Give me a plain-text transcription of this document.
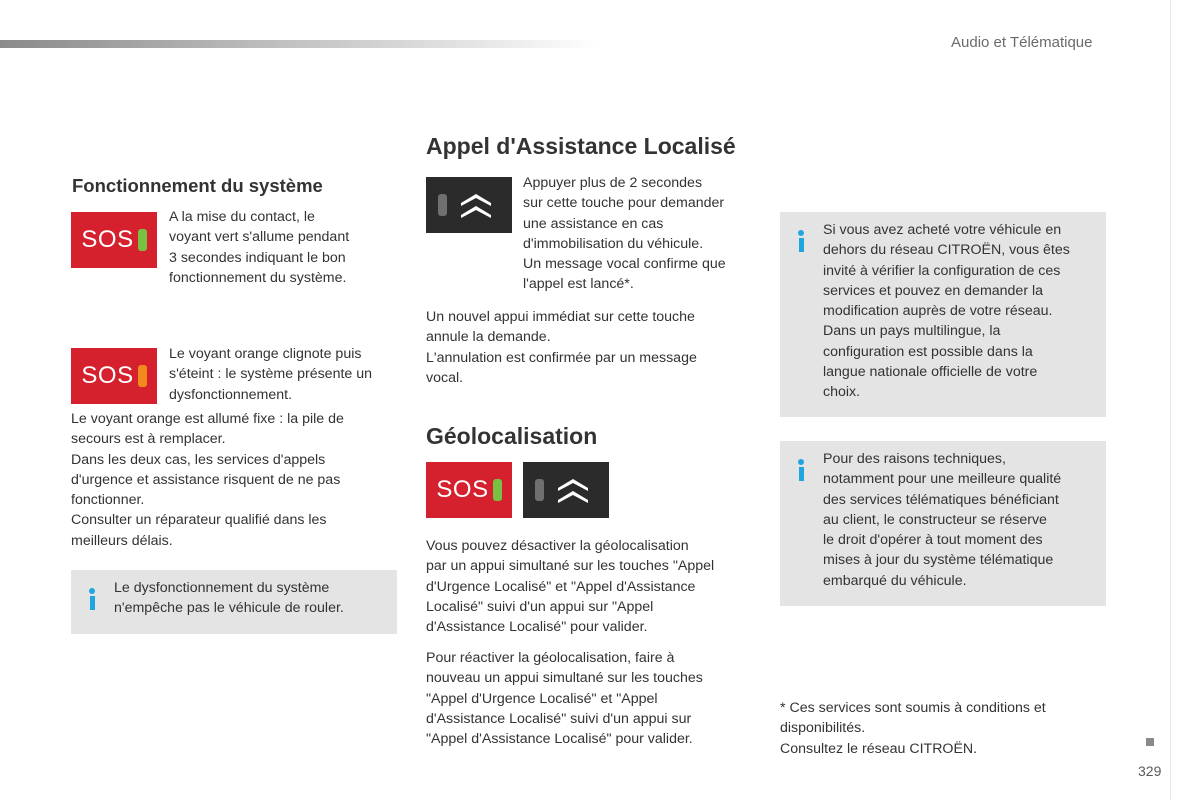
Audio et Télématique
Fonctionnement du système
SOS
A la mise du contact, le
voyant vert s'allume pendant
3 secondes indiquant le bon
fonctionnement du système.
SOS
Le voyant orange clignote puis
s'éteint : le système présente un
dysfonctionnement.
Le voyant orange est allumé fixe : la pile de
secours est à remplacer.
Dans les deux cas, les services d'appels
d'urgence et assistance risquent de ne pas
fonctionner.
Consulter un réparateur qualifié dans les
meilleurs délais.
Le dysfonctionnement du système
n'empêche pas le véhicule de rouler.
Appel d'Assistance Localisé
Appuyer plus de 2 secondes
sur cette touche pour demander
une assistance en cas
d'immobilisation du véhicule.
Un message vocal confirme que
l'appel est lancé*.
Un nouvel appui immédiat sur cette touche
annule la demande.
L'annulation est confirmée par un message
vocal.
Géolocalisation
SOS
Vous pouvez désactiver la géolocalisation
par un appui simultané sur les touches "Appel
d'Urgence Localisé" et "Appel d'Assistance
Localisé" suivi d'un appui sur "Appel
d'Assistance Localisé" pour valider.
Pour réactiver la géolocalisation, faire à
nouveau un appui simultané sur les touches
"Appel d'Urgence Localisé" et "Appel
d'Assistance Localisé" suivi d'un appui sur
"Appel d'Assistance Localisé" pour valider.
Si vous avez acheté votre véhicule en
dehors du réseau CITROËN, vous êtes
invité à vérifier la configuration de ces
services et pouvez en demander la
modification auprès de votre réseau.
Dans un pays multilingue, la
configuration est possible dans la
langue nationale officielle de votre
choix.
Pour des raisons techniques,
notamment pour une meilleure qualité
des services télématiques bénéficiant
au client, le constructeur se réserve
le droit d'opérer à tout moment des
mises à jour du système télématique
embarqué du véhicule.
* Ces services sont soumis à conditions et
disponibilités.
Consultez le réseau CITROËN.
329
